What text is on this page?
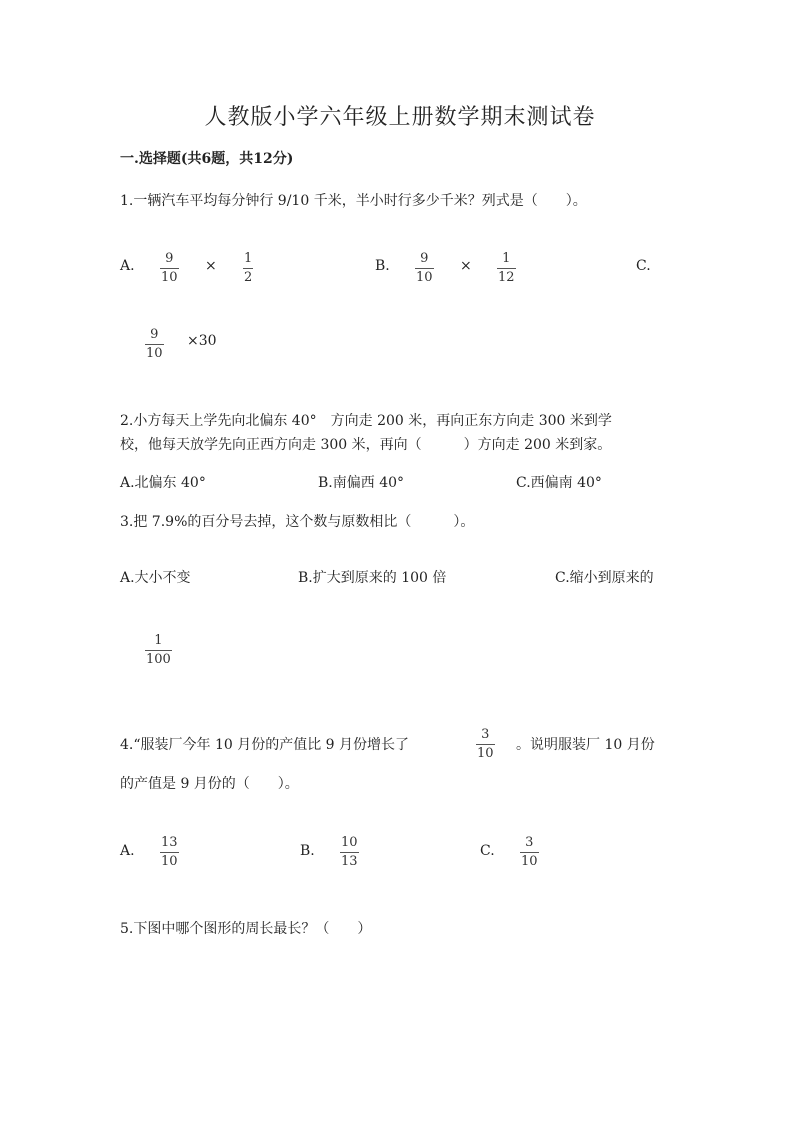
人教版小学六年级上册数学期末测试卷
一.选择题(共6题，共12分)
1.一辆汽车平均每分钟行 9/10 千米，半小时行多少千米？列式是（　　）。
A. 9
10
× 1
2
B. 9
10
× 1
12
C.
9
10
×30
2.小方每天上学先向北偏东 40°　方向走 200 米，再向正东方向走 300 米到学
校，他每天放学先向正西方向走 300 米，再向（　　　）方向走 200 米到家。
A.北偏东 40°	B.南偏西 40°	C.西偏南 40°
3.把 7.9%的百分号去掉，这个数与原数相比（　　　）。
A.大小不变	B.扩大到原来的 100 倍	C.缩小到原来的
1
100
4.“服装厂今年 10 月份的产值比 9 月份增长了
3
10
。说明服装厂 10 月份
的产值是 9 月份的（　　）。
A.
13
10
B.
10
13
C.
3
10
5.下图中哪个图形的周长最长？（　　）
